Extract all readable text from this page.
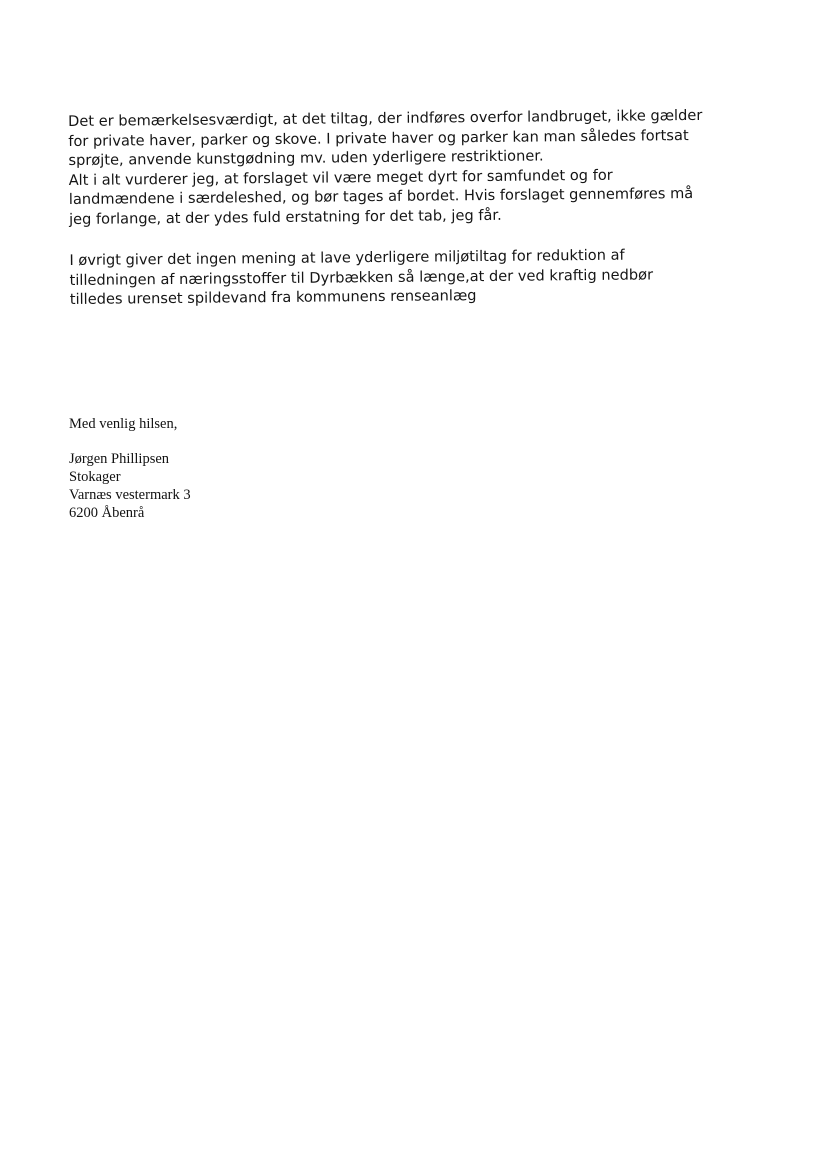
Det er bemærkelsesværdigt, at det tiltag, der indføres overfor landbruget, ikke gælder
for private haver, parker og skove. I private haver og parker kan man således fortsat
sprøjte, anvende kunstgødning mv. uden yderligere restriktioner.

Alt i alt vurderer jeg, at forslaget vil være meget dyrt for samfundet og for
landmændene i særdeleshed, og bør tages af bordet. Hvis forslaget gennemføres må
jeg forlange, at der ydes fuld erstatning for det tab, jeg får.

I øvrigt giver det ingen mening at lave yderligere miljøtiltag for reduktion af
tilledningen af næringsstoffer til Dyrbækken så længe,at der ved kraftig nedbør
tilledes urenset spildevand fra kommunens renseanlæg

Med venlig hilsen,

Jørgen Phillipsen
Stokager
Varnæs vestermark 3
6200 Åbenrå
